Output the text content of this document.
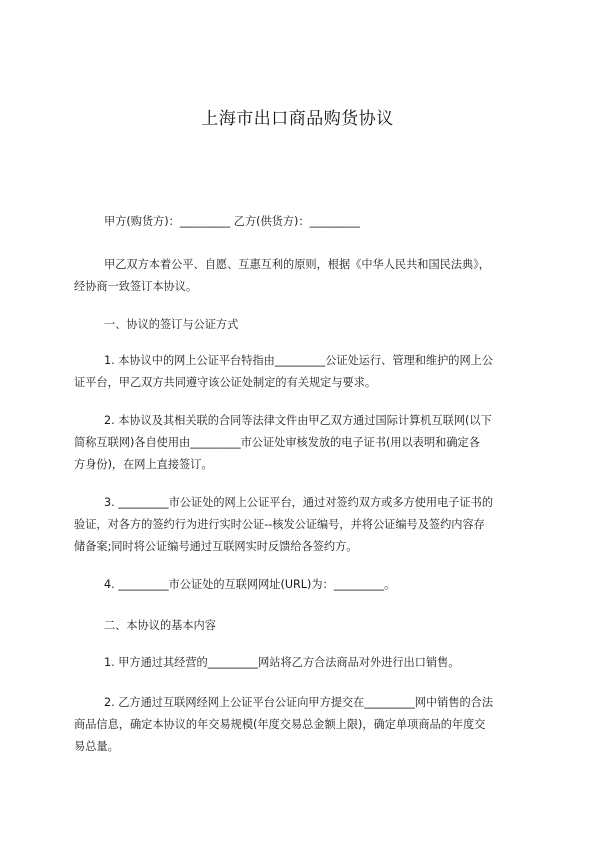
上海市出口商品购货协议

甲方(购货方)：_________ 乙方(供货方)：_________

甲乙双方本着公平、自愿、互惠互利的原则，根据《中华人民共和国民法典》，
经协商一致签订本协议。

一、协议的签订与公证方式

1. 本协议中的网上公证平台特指由_________公证处运行、管理和维护的网上公
证平台，甲乙双方共同遵守该公证处制定的有关规定与要求。

2. 本协议及其相关联的合同等法律文件由甲乙双方通过国际计算机互联网(以下
简称互联网)各自使用由_________市公证处审核发放的电子证书(用以表明和确定各
方身份)，在网上直接签订。

3. _________市公证处的网上公证平台，通过对签约双方或多方使用电子证书的
验证，对各方的签约行为进行实时公证--核发公证编号，并将公证编号及签约内容存
储备案;同时将公证编号通过互联网实时反馈给各签约方。

4. _________市公证处的互联网网址(URL)为：_________。

二、本协议的基本内容

1. 甲方通过其经营的_________网站将乙方合法商品对外进行出口销售。

2. 乙方通过互联网经网上公证平台公证向甲方提交在_________网中销售的合法
商品信息，确定本协议的年交易规模(年度交易总金额上限)，确定单项商品的年度交
易总量。
